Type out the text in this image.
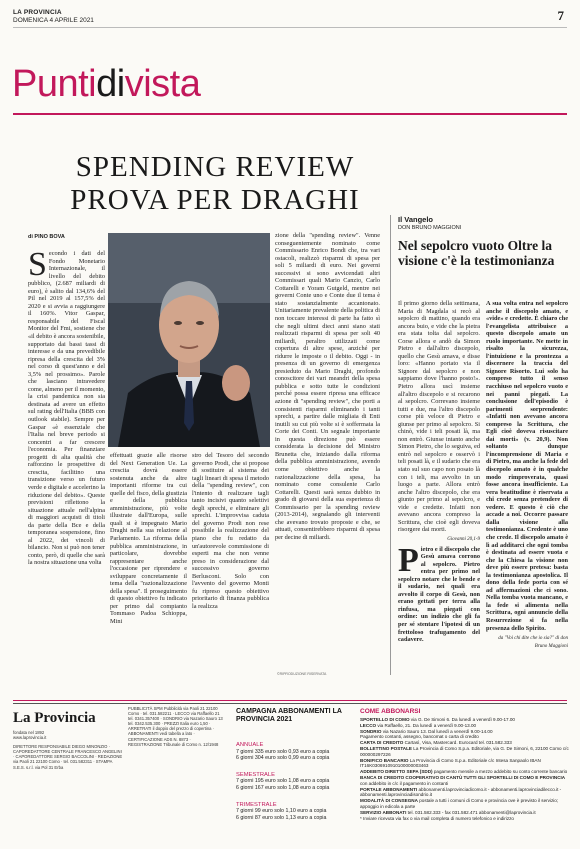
LA PROVINCIA
DOMENICA 4 APRILE 2021	7
Puntidivista
SPENDING REVIEW
PROVA PER DRAGHI
di PINO BOVA
Secondo i dati del Fondo Monetario Internazionale, il livello del debito pubblico, (2.687 miliardi di euro), è salito dal 134,6% del Pil nel 2019 al 157,5% del 2020 e si avvia a raggiungere il 160%. Vitor Gaspar, responsabile del Fiscal Monitor del Fmi, sostiene che «il debito è ancora sostenibile, supportato dai bassi tassi di interesse e da una prevedibile ripresa della crescita del 3% nel corso di quest'anno e del 3,5% nel prossimo». Parole che lasciano intravedere come, almeno per il momento, la crisi pandemica non sia destinata ad avere un effetto sul rating dell'Italia (BBB con outlook stabile). Sempre per Gaspar «è essenziale che l'Italia nel breve periodo si concentri a far crescere l'economia. Per finanziare progetti di alta qualità che rafforzino le prospettive di crescita, facilitino una transizione verso un futuro verde e digitale e accelerino la riduzione del debito». Queste previsioni riflettono la situazione attuale nell'alpina di maggiori acquisti di titoli da parte della Bce e della temporanea sospensione, fino al 2022, dei vincoli di bilancio. Non si può non tener conto, però, di quelle che sarà la nostra situazione una volta
effettuati grazie alle risorse del Next Generation Ue. La crescita dovrà essere sostenuta anche da altre importanti riforme tra cui quelle del fisco, della giustizia e della pubblica amministrazione, più volte illustrate dall'Europa, sulle quali si è impegnato Mario Draghi nella sua relazione al Parlamento. La riforma della pubblica amministrazione, in particolare, dovrebbe rappresentare anche l'occasione per riprendere e sviluppare concretamente il tema della "razionalizzazione della spesa". Il proseguimento di questo obiettivo fu indicato per primo dal compianto Tommaso Padoa Schioppa, Mini
stro del Tesoro del secondo governo Prodi, che si propose di sostituire al sistema dei tagli lineari di spesa il metodo della "spending review", con l'intento di realizzare tagli tanto incisivi quanto selettivi degli sprechi, e eliminare gli sprechi. L'improvvisa caduta del governo Prodi non rese possibile la realizzazione del piano che fu redatto da un'autorevole commissione di esperti ma che non venne preso in considerazione dal successivo governo Berlusconi. Solo con l'avvento del governo Monti fu ripreso questo obiettivo prioritario di finanza pubblica la realizza
zione della "spending review". Venne conseguentemente nominato come Commissario Enrico Bondi che, tra vari ostacoli, realizzò risparmi di spesa per soli 5 miliardi di euro. Nei governi successivi si sono avvicendati altri Commissari quali Mario Canzio, Carlo Cottarelli e Yoram Gutgeld, mentre nei governi Conte uno e Conte due il tema è stato sostanzialmente accantonato. Unitariamente prevalente della politica di non toccare interessi di parte ha fatto sì che negli ultimi dieci anni siano stati realizzati risparmi di spesa per soli 40 miliardi, peraltro utilizzati come copertura di altre spese, anziché per ridurre le imposte o il debito. Oggi - in presenza di un governo di emergenza presieduto da Mario Draghi, profondo conoscitore dei vari meandri della spesa pubblica e sotto tutte le condizioni perché possa essere ripresa una efficace azione di "spending review", che porti a consistenti risparmi eliminando i tanti sprechi, a partire dalle migliaia di Enti inutili su cui più volte si è soffermata la Corte dei Conti. Un segnale importante in questa direzione può essere considerata la decisione del Ministro Brunetta che, iniziando dalla riforma della pubblica amministrazione, avendo come obiettivo anche la razionalizzazione della spesa, ha nominato come consulente Carlo Cottarelli. Questi sarà senza dubbio in grado di giovarsi della sua esperienza di Commissario per la spending review (2013-2014), segnalando gli interventi che avevano trovato proposte e che, se attuati, consentirebbero risparmi di spesa per decine di miliardi.
©RIPRODUZIONE RISERVATA
Il Vangelo
DON BRUNO MAGGIONI
Nel sepolcro vuoto Oltre la visione c'è la testimonianza
Il primo giorno della settimana, Maria di Magdala si recò al sepolcro di mattino, quando era ancora buio, e vide che la pietra era stata tolta dal sepolcro. Corse allora e andò da Simon Pietro e dall'altro discepolo, quello che Gesù amava, e disse loro: «Hanno portato via il Signore dal sepolcro e non sappiamo dove l'hanno posto!». Pietro allora uscì insieme all'altro discepolo e si recarono al sepolcro. Correvano insieme tutti e due, ma l'altro discepolo corse più veloce di Pietro e giunse per primo al sepolcro. Si chinò, vide i teli posati là, ma non entrò. Giunse intanto anche Simon Pietro, che lo seguiva, ed entrò nel sepolcro e osservò i teli posati là, e il sudario che era stato sul suo capo non posato là con i teli, ma avvolto in un luogo a parte. Allora entrò anche l'altro discepolo, che era giunto per primo al sepolcro, e vide e credette. Infatti non avevano ancora compreso la Scrittura, che cioè egli doveva risorgere dai morti.
Giovanni 20,1-9
Pietro e il discepolo che Gesù amava corrono al sepolcro. Pietro entra per primo nel sepolcro notare che le bende e il sudario, nei quali era avvolto il corpo di Gesù, non erano gettati per terra alla rinfusa, ma piegati con ordine: un indizio che gli fa per sé stentare l'ipotesi di un frettoloso trafugamento del cadavere.
A sua volta entra nel sepolcro anche il discepolo amato, e «vide» e credette. È chiaro che l'evangelista attribuisce a questo discepolo amato un ruolo importante. Ne mette in risalto la sicurezza, l'intuizione e la prontezza a discernere la traccia del Signore Risorto. Lui solo ha compreso tutto il senso racchiuso nel sepolcro vuoto e nei panni piegati. La conclusione dell'episodio è parimenti sorprendente: «Infatti non avevano ancora compreso la Scrittura, che Egli cioè doveva risuscitare dai morti» (v. 20,9). Non soltanto dunque l'incomprensione di Maria e di Pietro, ma anche la fede del discepolo amato è in qualche modo rimproverata, quasi fosse ancora insufficiente. La vera beatitudine è riservata a chi crede senza pretendere di vedere. E questo è ciò che accade a noi. Occorre passare dalla visione alla testimonianza. Credente è uno che crede. Il discepolo amato è lì ad additarci che ogni tomba è destinata ad essere vuota e che la Chiesa la visione non deve più essere pretesa: basta la testimonianza apostolica. Il dono della fede porta con sé ad affermazioni che ci sono. Nella tomba vuota mancano, e la fede si alimenta nella Scrittura, ogni annuncio della Resurrezione si fa nella presenza dello Spirito.
da "Voi chi dite che io sia?" di don Bruno Maggioni
La Provincia
fondata nel 1892
www.laprovincia.it
DIRETTORE RESPONSABILE DIEGO MINONZIO · CAPOREDATTORE CENTRALE FRANCESCO ANGELINI · CAPOREDATTORE SERGIO BACCOLINI · REDAZIONE via Paoli 21 22100 Como · tel. 031.582311 · STAMPA S.E.S. s.r.l. via Pol 31 Erba
PUBBLICITÀ SPM Pubblicità via Paoli 21 22100 Como · tel. 031.582211 · LECCO via Raffaello 21 tel. 0341.357400 · SONDRIO via Nazario Sauro 13 tel. 0342.535.300 · PREZZI Italia euro 1,50 · ARRETRATI il doppio del prezzo di copertina · ABBONAMENTI vedi tabella a lato · CERTIFICAZIONE ADS N. 8873 · REGISTRAZIONE Tribunale di Como n. 12/1948
CAMPAGNA ABBONAMENTI LA PROVINCIA 2021
ANNUALE
7 giorni 335 euro solo 0,93 euro a copia
6 giorni 304 euro solo 0,99 euro a copia
SEMESTRALE
7 giorni 195 euro solo 1,08 euro a copia
6 giorni 167 euro solo 1,08 euro a copia
TRIMESTRALE
7 giorni 99 euro solo 1,10 euro a copia
6 giorni 87 euro solo 1,13 euro a copia
COME ABBONARSI
SPORTELLO DI COMO via G. De Simoni 6. Da lunedì a venerdì 9.00-17.00
LECCO via Raffaello, 21. Da lunedì a venerdì 9.00-13.00
SONDRIO via Nazario Sauro 13. Dal lunedì a venerdì 9.00-14.00
Pagamento contanti, assegno, bancomat o carta di credito
CARTA DI CREDITO Cartasì, Visa, Mastercard. Eurocard tel. 031.582.333
BOLLETTINO POSTALE La Provincia di Como S.p.a. Editoriale, via G. De Simoni, 6, 22100 Como c/c 000000297226
BONIFICO BANCARIO La Provincia di Como S.p.a. Editoriale c/c Intesa Sanpaolo IBAN IT16K0306910910100000003463
ADDEBITO DIRETTO SEPA (SDD) pagamento mensile a mezzo addebito su conto corrente bancario
BANCA DI CREDITO COOPERATIVO DI CANTÙ TUTTI GLI SPORTELLI DI COMO E PROVINCIA con addebito in c/c il pagamento in contanti
PORTALE ABBONAMENTI abbonamenti.laprovinciadicomo.it - abbonamenti.laprovinciadilecco.it - abbonamenti.laprovinciadisondrio.it
MODALITÀ DI CONSEGNA postale a tutti i comuni di Como e provincia ove è previsto il servizio; appoggio in edicola a parte
SERVIZIO ABBONATI tel. 031.582.333 - fax 031.582.471 abbonamenti@laprovincia.it
* Inviare ricevuta via fax o via mail completa di numero telefonico e indirizzo
